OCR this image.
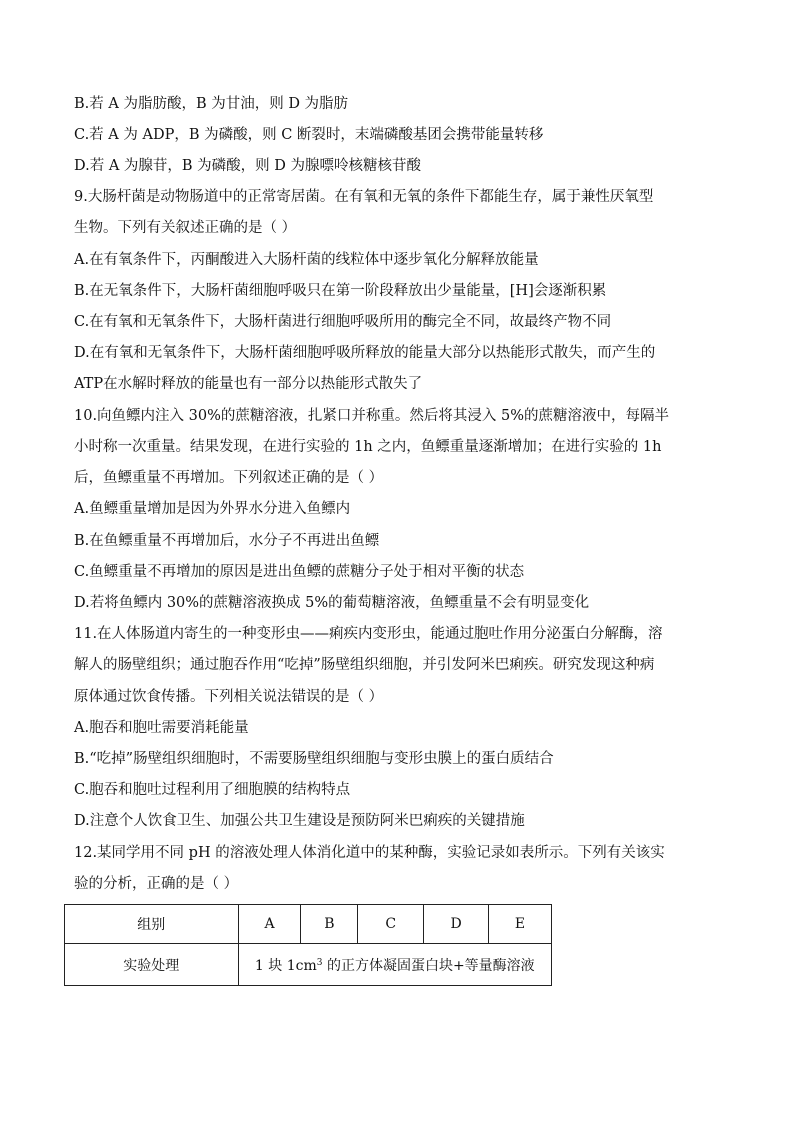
B.若 A 为脂肪酸，B 为甘油，则 D 为脂肪
C.若 A 为 ADP，B 为磷酸，则 C 断裂时，末端磷酸基团会携带能量转移
D.若 A 为腺苷，B 为磷酸，则 D 为腺嘌呤核糖核苷酸
9.大肠杆菌是动物肠道中的正常寄居菌。在有氧和无氧的条件下都能生存，属于兼性厌氧型
生物。下列有关叙述正确的是（ ）
A.在有氧条件下，丙酮酸进入大肠杆菌的线粒体中逐步氧化分解释放能量
B.在无氧条件下，大肠杆菌细胞呼吸只在第一阶段释放出少量能量，[H]会逐渐积累
C.在有氧和无氧条件下，大肠杆菌进行细胞呼吸所用的酶完全不同，故最终产物不同
D.在有氧和无氧条件下，大肠杆菌细胞呼吸所释放的能量大部分以热能形式散失，而产生的
ATP在水解时释放的能量也有一部分以热能形式散失了
10.向鱼鳔内注入 30%的蔗糖溶液，扎紧口并称重。然后将其浸入 5%的蔗糖溶液中，每隔半
小时称一次重量。结果发现，在进行实验的 1h 之内，鱼鳔重量逐渐增加；在进行实验的 1h
后，鱼鳔重量不再增加。下列叙述正确的是（ ）
A.鱼鳔重量增加是因为外界水分进入鱼鳔内
B.在鱼鳔重量不再增加后，水分子不再进出鱼鳔
C.鱼鳔重量不再增加的原因是进出鱼鳔的蔗糖分子处于相对平衡的状态
D.若将鱼鳔内 30%的蔗糖溶液换成 5%的葡萄糖溶液，鱼鳔重量不会有明显变化
11.在人体肠道内寄生的一种变形虫——痢疾内变形虫，能通过胞吐作用分泌蛋白分解酶，溶
解人的肠壁组织；通过胞吞作用“吃掉”肠壁组织细胞，并引发阿米巴痢疾。研究发现这种病
原体通过饮食传播。下列相关说法错误的是（ ）
A.胞吞和胞吐需要消耗能量
B.“吃掉”肠壁组织细胞时，不需要肠壁组织细胞与变形虫膜上的蛋白质结合
C.胞吞和胞吐过程利用了细胞膜的结构特点
D.注意个人饮食卫生、加强公共卫生建设是预防阿米巴痢疾的关键措施
12.某同学用不同 pH 的溶液处理人体消化道中的某种酶，实验记录如表所示。下列有关该实
验的分析，正确的是（ ）
组别	A	B	C	D	E
实验处理	1 块 $1cm^3$ 的正方体凝固蛋白块+等量酶溶液				
